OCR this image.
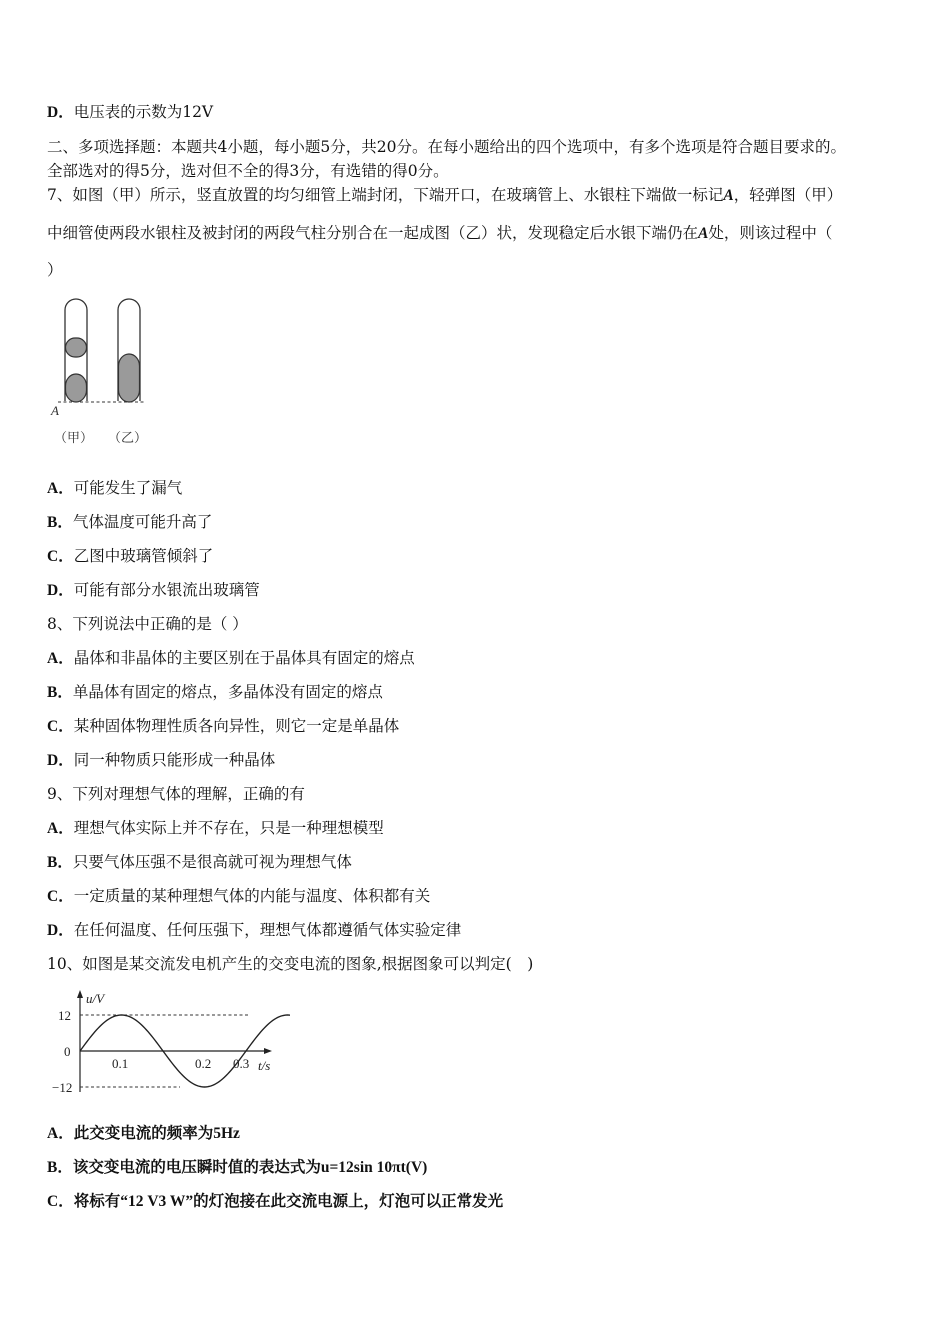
D．电压表的示数为12V
二、多项选择题：本题共4小题，每小题5分，共20分。在每小题给出的四个选项中，有多个选项是符合题目要求的。
全部选对的得5分，选对但不全的得3分，有选错的得0分。
7、如图（甲）所示，竖直放置的均匀细管上端封闭，下端开口，在玻璃管上、水银柱下端做一标记A，轻弹图（甲）
中细管使两段水银柱及被封闭的两段气柱分别合在一起成图（乙）状，发现稳定后水银下端仍在A处，则该过程中（
）
A
（甲） （乙）
A．可能发生了漏气
B．气体温度可能升高了
C．乙图中玻璃管倾斜了
D．可能有部分水银流出玻璃管
8、下列说法中正确的是（ ）
A．晶体和非晶体的主要区别在于晶体具有固定的熔点
B．单晶体有固定的熔点，多晶体没有固定的熔点
C．某种固体物理性质各向异性，则它一定是单晶体
D．同一种物质只能形成一种晶体
9、下列对理想气体的理解，正确的有
A．理想气体实际上并不存在，只是一种理想模型
B．只要气体压强不是很高就可视为理想气体
C．一定质量的某种理想气体的内能与温度、体积都有关
D．在任何温度、任何压强下，理想气体都遵循气体实验定律
10、如图是某交流发电机产生的交变电流的图象,根据图象可以判定(　)
u/V
t/s
12
0
−12
0.1	0.2 0.3
A．此交变电流的频率为5Hz
B．该交变电流的电压瞬时值的表达式为u=12sin 10πt(V)
C．将标有“12 V3 W”的灯泡接在此交流电源上，灯泡可以正常发光
